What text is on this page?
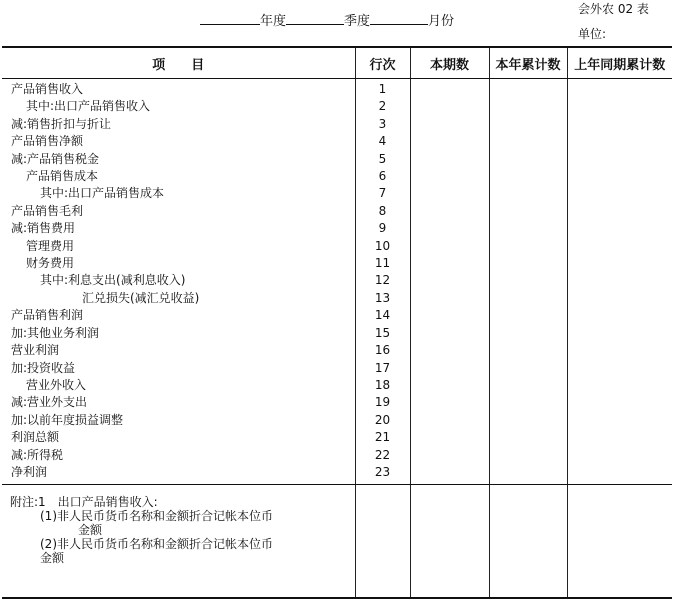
年度	季度	月份
会外农 02 表
单位:
项　　目	行次	本期数	本年累计数	上年同期累计数
产品销售收入	1			
其中:出口产品销售收入	2			
减:销售折扣与折让	3			
产品销售净额	4			
减:产品销售税金	5			
产品销售成本	6			
其中:出口产品销售成本	7			
产品销售毛利	8			
减:销售费用	9			
管理费用	10			
财务费用	11			
其中:利息支出(减利息收入)	12			
汇兑损失(减汇兑收益)	13			
产品销售利润	14			
加:其他业务利润	15			
营业利润	16			
加:投资收益	17			
营业外收入	18			
减:营业外支出	19			
加:以前年度损益调整	20			
利润总额	21			
减:所得税	22			
净利润	23			

附注:1　出口产品销售收入:
(1)非人民币货币名称和金额折合记帐本位币
金额
(2)非人民币货币名称和金额折合记帐本位币
金额				
